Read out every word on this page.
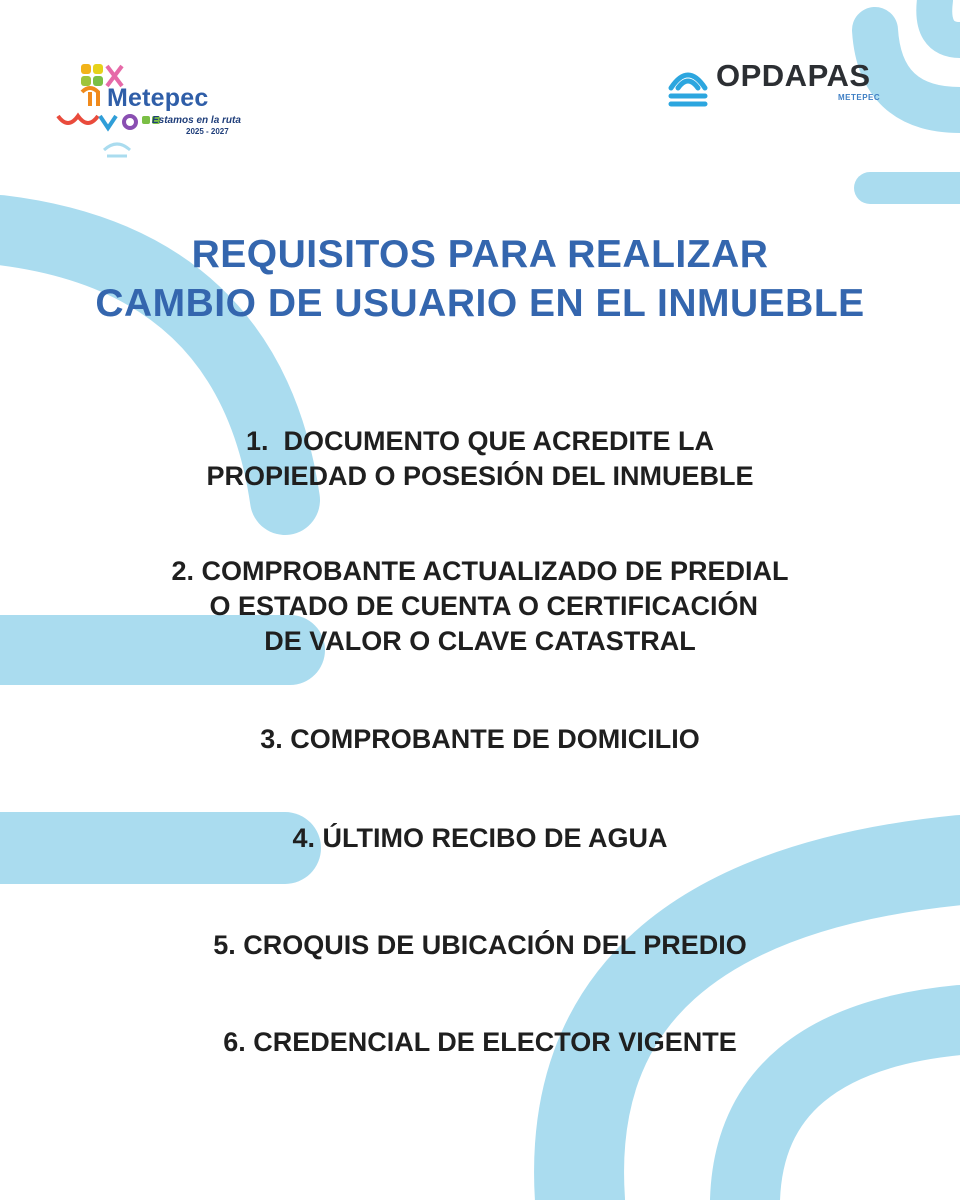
Metepec
Estamos en la ruta
2025 - 2027
OPDAPAS
METEPEC
REQUISITOS PARA REALIZAR
CAMBIO DE USUARIO EN EL INMUEBLE
1.  DOCUMENTO QUE ACREDITE LA
PROPIEDAD O POSESIÓN DEL INMUEBLE
2. COMPROBANTE ACTUALIZADO DE PREDIAL
O ESTADO DE CUENTA O CERTIFICACIÓN
DE VALOR O CLAVE CATASTRAL
3. COMPROBANTE DE DOMICILIO
4. ÚLTIMO RECIBO DE AGUA
5. CROQUIS DE UBICACIÓN DEL PREDIO
6. CREDENCIAL DE ELECTOR VIGENTE
